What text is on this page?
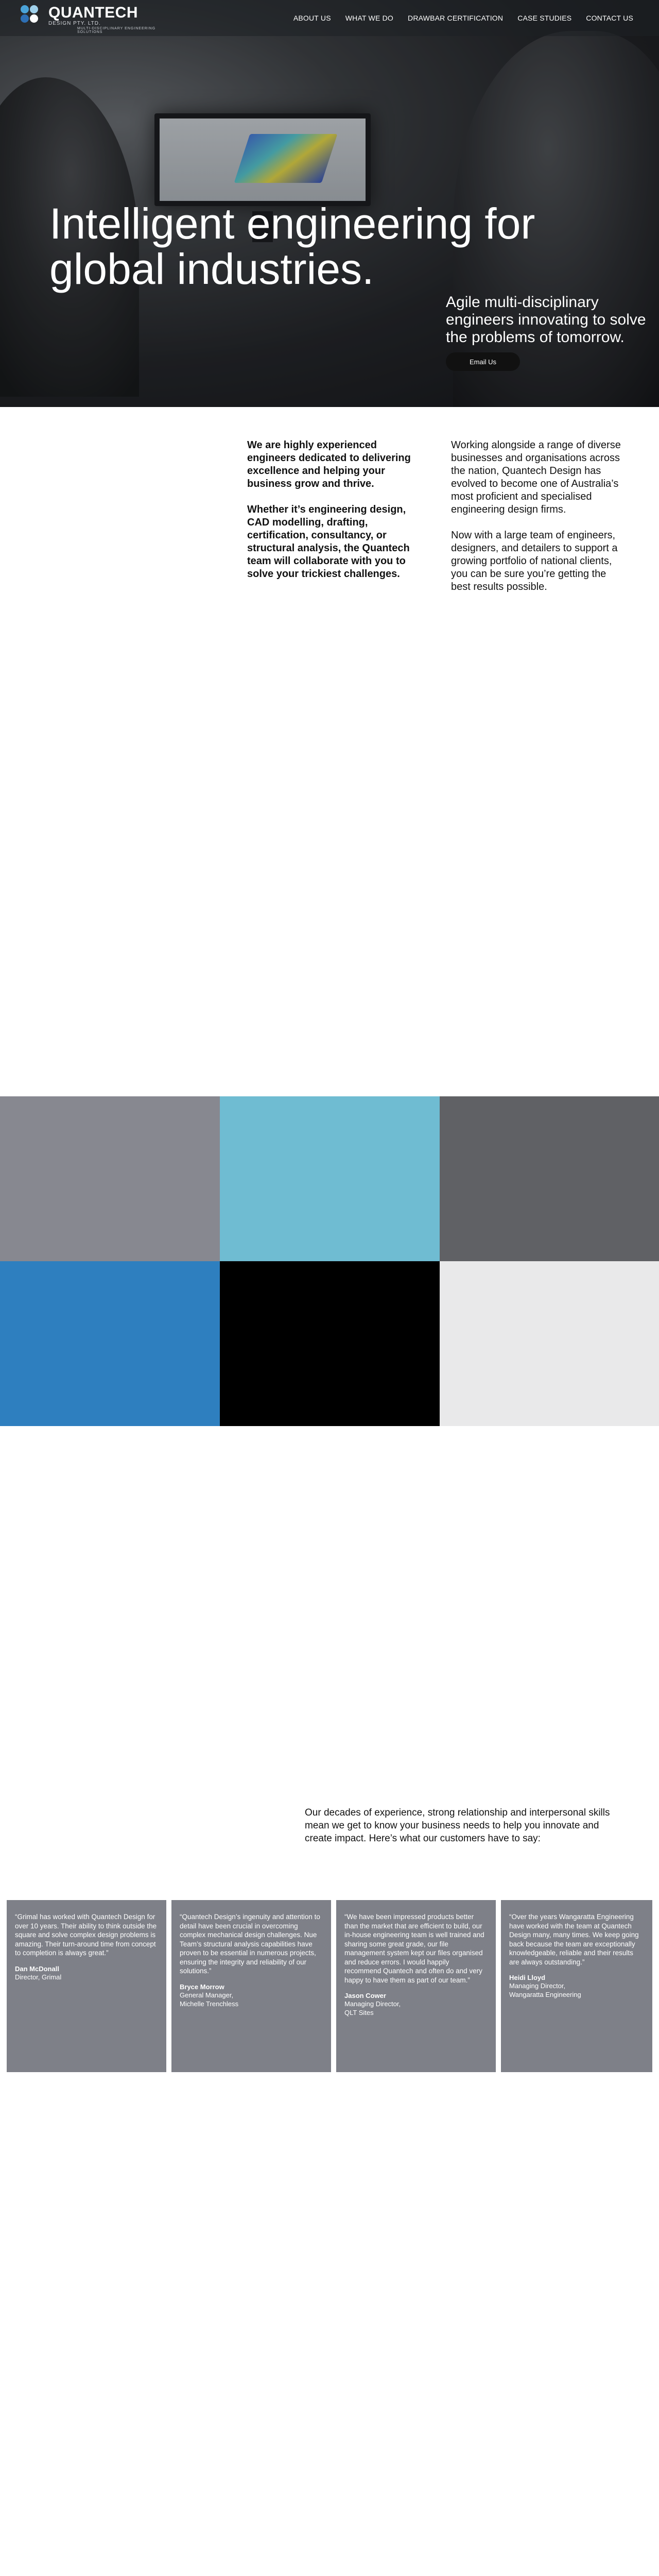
Intelligent engineering for global industries.
Agile multi-disciplinary engineers innovating to solve the problems of tomorrow.
Email Us
QUANTECH
DESIGN PTY. LTD.
MULTI-DISCIPLINARY ENGINEERING SOLUTIONS
ABOUT US WHAT WE DO DRAWBAR CERTIFICATION CASE STUDIES CONTACT US

We are highly experienced engineers dedicated to delivering excellence and helping your business grow and thrive.

Whether it’s engineering design, CAD modelling, drafting, certification, consultancy, or structural analysis, the Quantech team will collaborate with you to solve your trickiest challenges.

Working alongside a range of diverse businesses and organisations across the nation, Quantech Design has evolved to become one of Australia’s most proficient and specialised engineering design firms.

Now with a large team of engineers, designers, and detailers to support a growing portfolio of national clients, you can be sure you’re getting the best results possible.

Our decades of experience, strong relationship and interpersonal skills mean we get to know your business needs to help you innovate and create impact. Here’s what our customers have to say:

“Grimal has worked with Quantech Design for over 10 years. Their ability to think outside the square and solve complex design problems is amazing. Their turn-around time from concept to completion is always great.”

Dan McDonall
Director, Grimal

“Quantech Design’s ingenuity and attention to detail have been crucial in overcoming complex mechanical design challenges. Nue Team’s structural analysis capabilities have proven to be essential in numerous projects, ensuring the integrity and reliability of our solutions.”

Bryce Morrow
General Manager,
Michelle Trenchless

“We have been impressed products better than the market that are efficient to build, our in-house engineering team is well trained and sharing some great grade, our file management system kept our files organised and reduce errors. I would happily recommend Quantech and often do and very happy to have them as part of our team.”

Jason Cower
Managing Director,
QLT Sites

“Over the years Wangaratta Engineering have worked with the team at Quantech Design many, many times. We keep going back because the team are exceptionally knowledgeable, reliable and their results are always outstanding.”

Heidi Lloyd
Managing Director,
Wangaratta Engineering
